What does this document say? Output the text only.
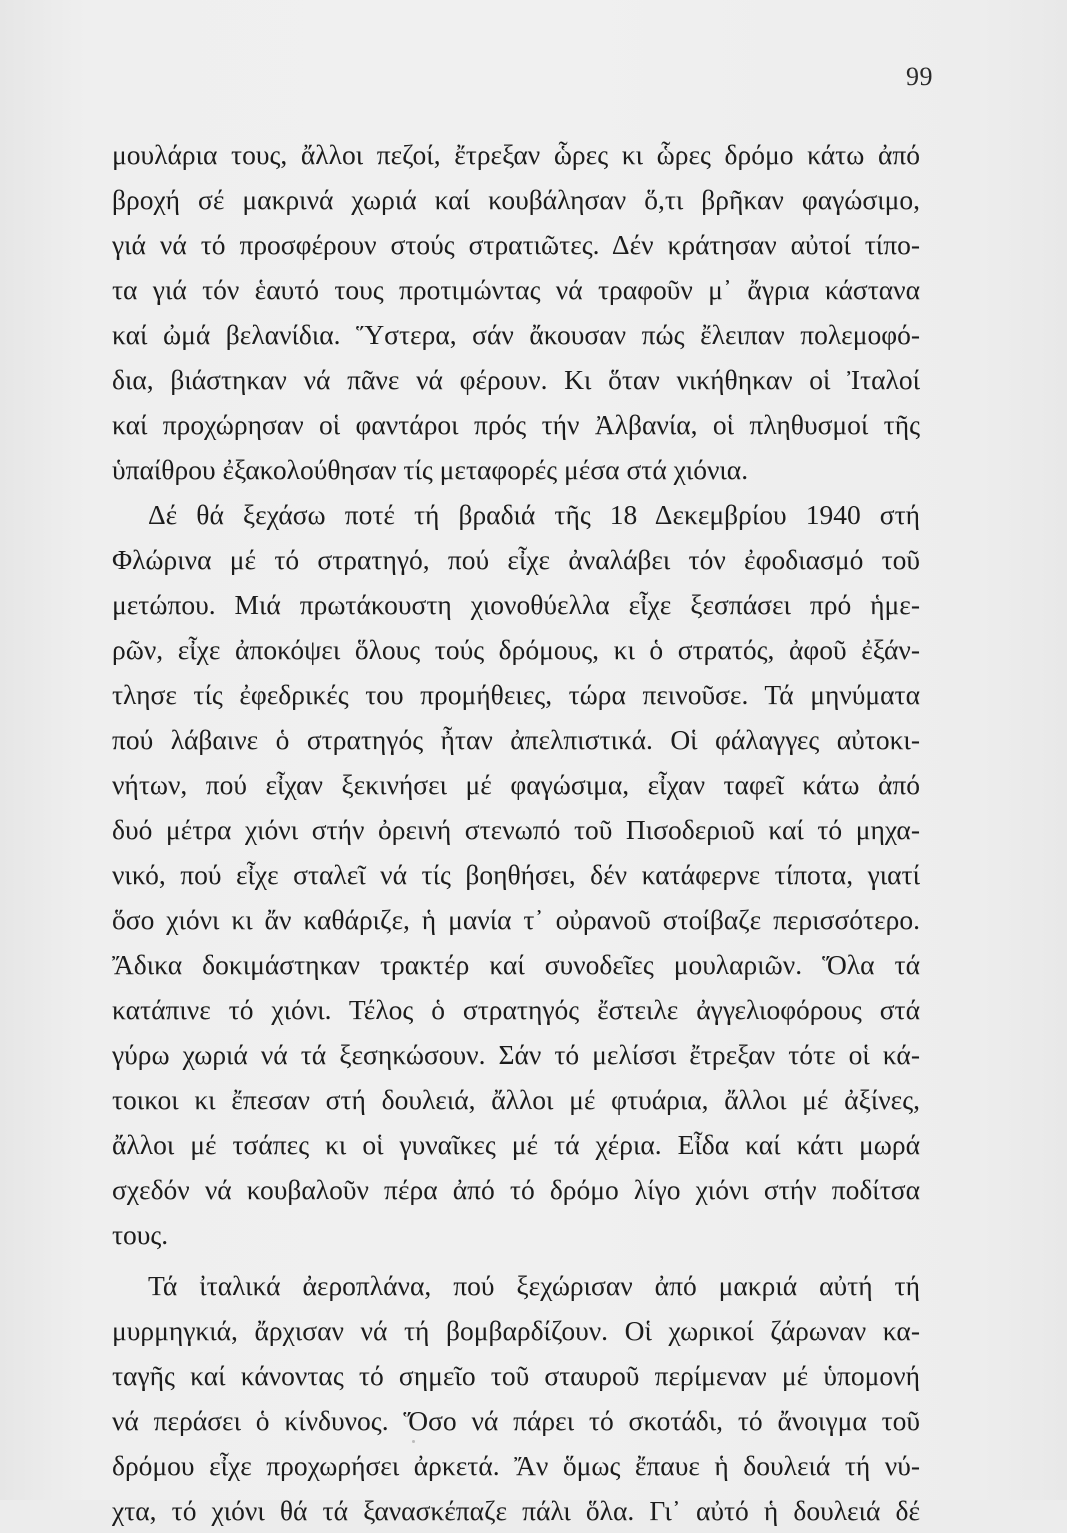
99
μουλάρια τους, ἄλλοι πεζοί, ἔτρεξαν ὧρες κι ὧρες δρόμο κάτω ἀπό
βροχή σέ μακρινά χωριά καί κουβάλησαν ὅ,τι βρῆκαν φαγώσιμο,
γιά νά τό προσφέρουν στούς στρατιῶτες. Δέν κράτησαν αὐτοί τίπο-
τα γιά τόν ἑαυτό τους προτιμώντας νά τραφοῦν μ᾽ ἄγρια κάστανα
καί ὠμά βελανίδια. Ὕστερα, σάν ἄκουσαν πώς ἔλειπαν πολεμοφό-
δια, βιάστηκαν νά πᾶνε νά φέρουν. Κι ὅταν νικήθηκαν οἱ Ἰταλοί
καί προχώρησαν οἱ φαντάροι πρός τήν Ἀλβανία, οἱ πληθυσμοί τῆς
ὑπαίθρου ἐξακολούθησαν τίς μεταφορές μέσα στά χιόνια.
Δέ θά ξεχάσω ποτέ τή βραδιά τῆς 18 Δεκεμβρίου 1940 στή
Φλώρινα μέ τό στρατηγό, πού εἶχε ἀναλάβει τόν ἐφοδιασμό τοῦ
μετώπου. Μιά πρωτάκουστη χιονοθύελλα εἶχε ξεσπάσει πρό ἡμε-
ρῶν, εἶχε ἀποκόψει ὅλους τούς δρόμους, κι ὁ στρατός, ἀφοῦ ἐξάν-
τλησε τίς ἐφεδρικές του προμήθειες, τώρα πεινοῦσε. Τά μηνύματα
πού λάβαινε ὁ στρατηγός ἦταν ἀπελπιστικά. Οἱ φάλαγγες αὐτοκι-
νήτων, πού εἶχαν ξεκινήσει μέ φαγώσιμα, εἶχαν ταφεῖ κάτω ἀπό
δυό μέτρα χιόνι στήν ὀρεινή στενωπό τοῦ Πισοδεριοῦ καί τό μηχα-
νικό, πού εἶχε σταλεῖ νά τίς βοηθήσει, δέν κατάφερνε τίποτα, γιατί
ὅσο χιόνι κι ἄν καθάριζε, ἡ μανία τ᾽ οὐρανοῦ στοίβαζε περισσότερο.
Ἄδικα δοκιμάστηκαν τρακτέρ καί συνοδεῖες μουλαριῶν. Ὅλα τά
κατάπινε τό χιόνι. Τέλος ὁ στρατηγός ἔστειλε ἀγγελιοφόρους στά
γύρω χωριά νά τά ξεσηκώσουν. Σάν τό μελίσσι ἔτρεξαν τότε οἱ κά-
τοικοι κι ἔπεσαν στή δουλειά, ἄλλοι μέ φτυάρια, ἄλλοι μέ ἀξίνες,
ἄλλοι μέ τσάπες κι οἱ γυναῖκες μέ τά χέρια. Εἶδα καί κάτι μωρά
σχεδόν νά κουβαλοῦν πέρα ἀπό τό δρόμο λίγο χιόνι στήν ποδίτσα
τους.
Τά ἰταλικά ἀεροπλάνα, πού ξεχώρισαν ἀπό μακριά αὐτή τή
μυρμηγκιά, ἄρχισαν νά τή βομβαρδίζουν. Οἱ χωρικοί ζάρωναν κα-
ταγῆς καί κάνοντας τό σημεῖο τοῦ σταυροῦ περίμεναν μέ ὑπομονή
νά περάσει ὁ κίνδυνος. Ὅσο νά πάρει τό σκοτάδι, τό ἄνοιγμα τοῦ
δρόμου εἶχε προχωρήσει ἀρκετά. Ἄν ὅμως ἔπαυε ἡ δουλειά τή νύ-
χτα, τό χιόνι θά τά ξανασκέπαζε πάλι ὅλα. Γι᾽ αὐτό ἡ δουλειά δέ
